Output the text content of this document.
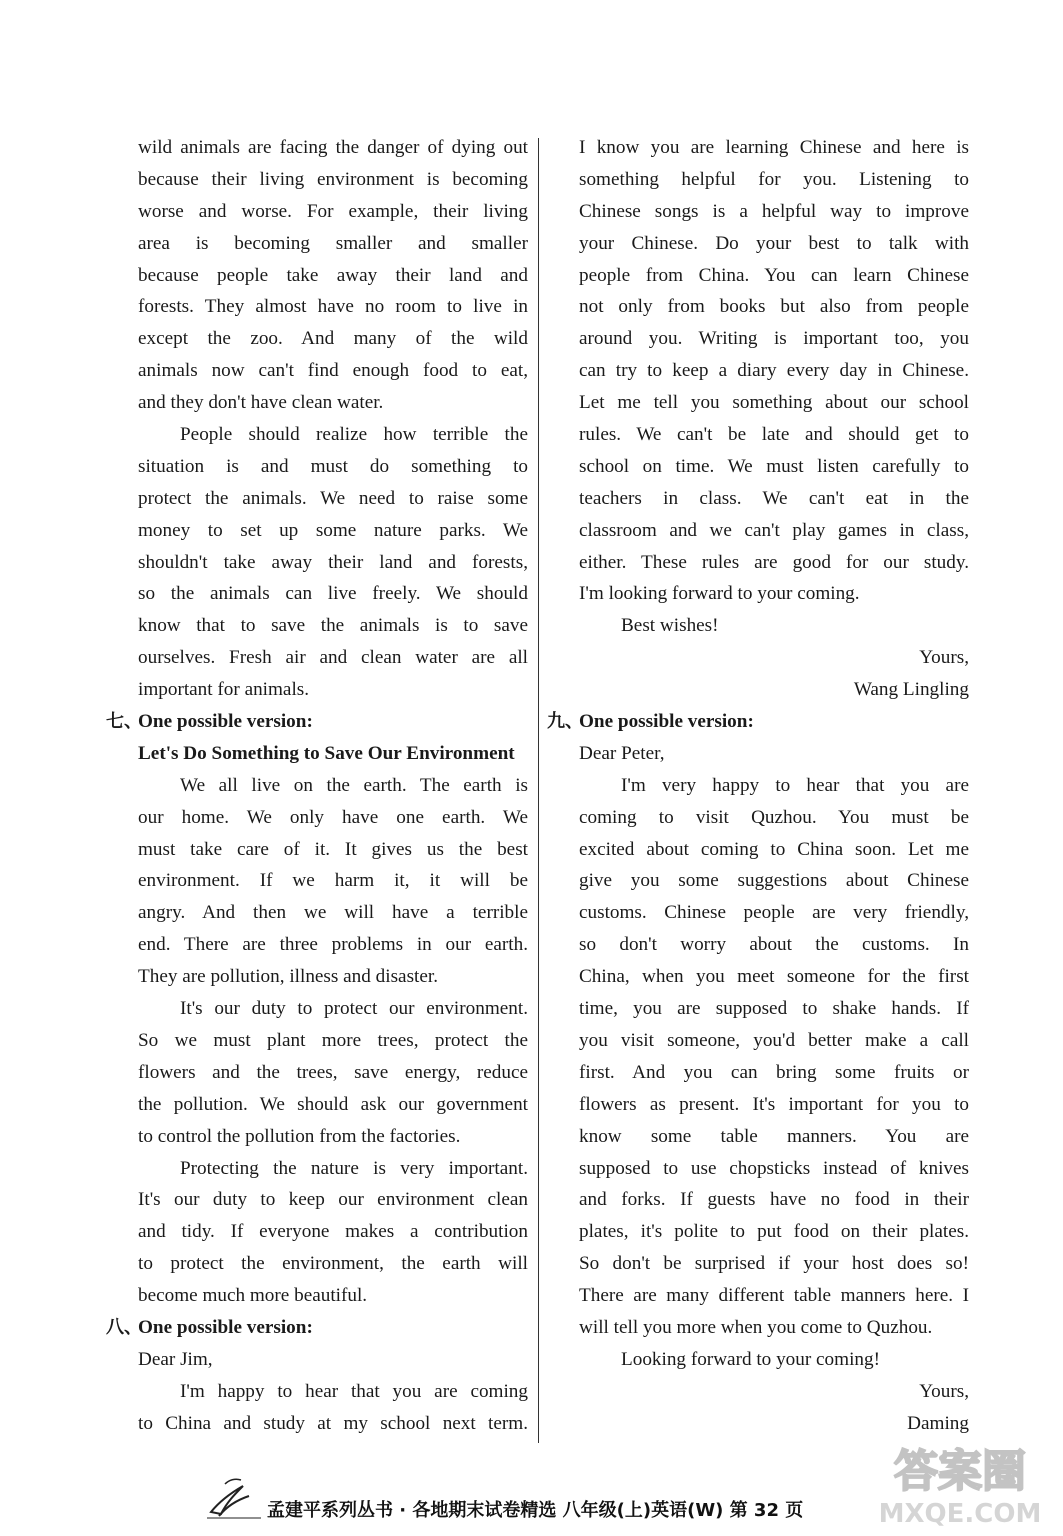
wild animals are facing the danger of dying out
because their living environment is becoming
worse and worse. For example, their living
area is becoming smaller and smaller
because people take away their land and
forests. They almost have no room to live in
except the zoo. And many of the wild
animals now can't find enough food to eat,
and they don't have clean water.
People should realize how terrible the
situation is and must do something to
protect the animals. We need to raise some
money to set up some nature parks. We
shouldn't take away their land and forests,
so the animals can live freely. We should
know that to save the animals is to save
ourselves. Fresh air and clean water are all
important for animals.
七、
One possible version:
Let's Do Something to Save Our Environment
We all live on the earth. The earth is
our home. We only have one earth. We
must take care of it. It gives us the best
environment. If we harm it, it will be
angry. And then we will have a terrible
end. There are three problems in our earth.
They are pollution, illness and disaster.
It's our duty to protect our environment.
So we must plant more trees, protect the
flowers and the trees, save energy, reduce
the pollution. We should ask our government
to control the pollution from the factories.
Protecting the nature is very important.
It's our duty to keep our environment clean
and tidy. If everyone makes a contribution
to protect the environment, the earth will
become much more beautiful.
八、
One possible version:
Dear Jim,
I'm happy to hear that you are coming
to China and study at my school next term.
I know you are learning Chinese and here is
something helpful for you. Listening to
Chinese songs is a helpful way to improve
your Chinese. Do your best to talk with
people from China. You can learn Chinese
not only from books but also from people
around you. Writing is important too, you
can try to keep a diary every day in Chinese.
Let me tell you something about our school
rules. We can't be late and should get to
school on time. We must listen carefully to
teachers in class. We can't eat in the
classroom and we can't play games in class,
either. These rules are good for our study.
I'm looking forward to your coming.
Best wishes!
Yours,
Wang Lingling
九、
One possible version:
Dear Peter,
I'm very happy to hear that you are
coming to visit Quzhou. You must be
excited about coming to China soon. Let me
give you some suggestions about Chinese
customs. Chinese people are very friendly,
so don't worry about the customs. In
China, when you meet someone for the first
time, you are supposed to shake hands. If
you visit someone, you'd better make a call
first. And you can bring some fruits or
flowers as present. It's important for you to
know some table manners. You are
supposed to use chopsticks instead of knives
and forks. If guests have no food in their
plates, it's polite to put food on their plates.
So don't be surprised if your host does so!
There are many different table manners here. I
will tell you more when you come to Quzhou.
Looking forward to your coming!
Yours,
Daming
孟建平系列丛书 · 各地期末试卷精选 八年级(上)英语(W) 第 32 页
答案圈
MXQE.COM
